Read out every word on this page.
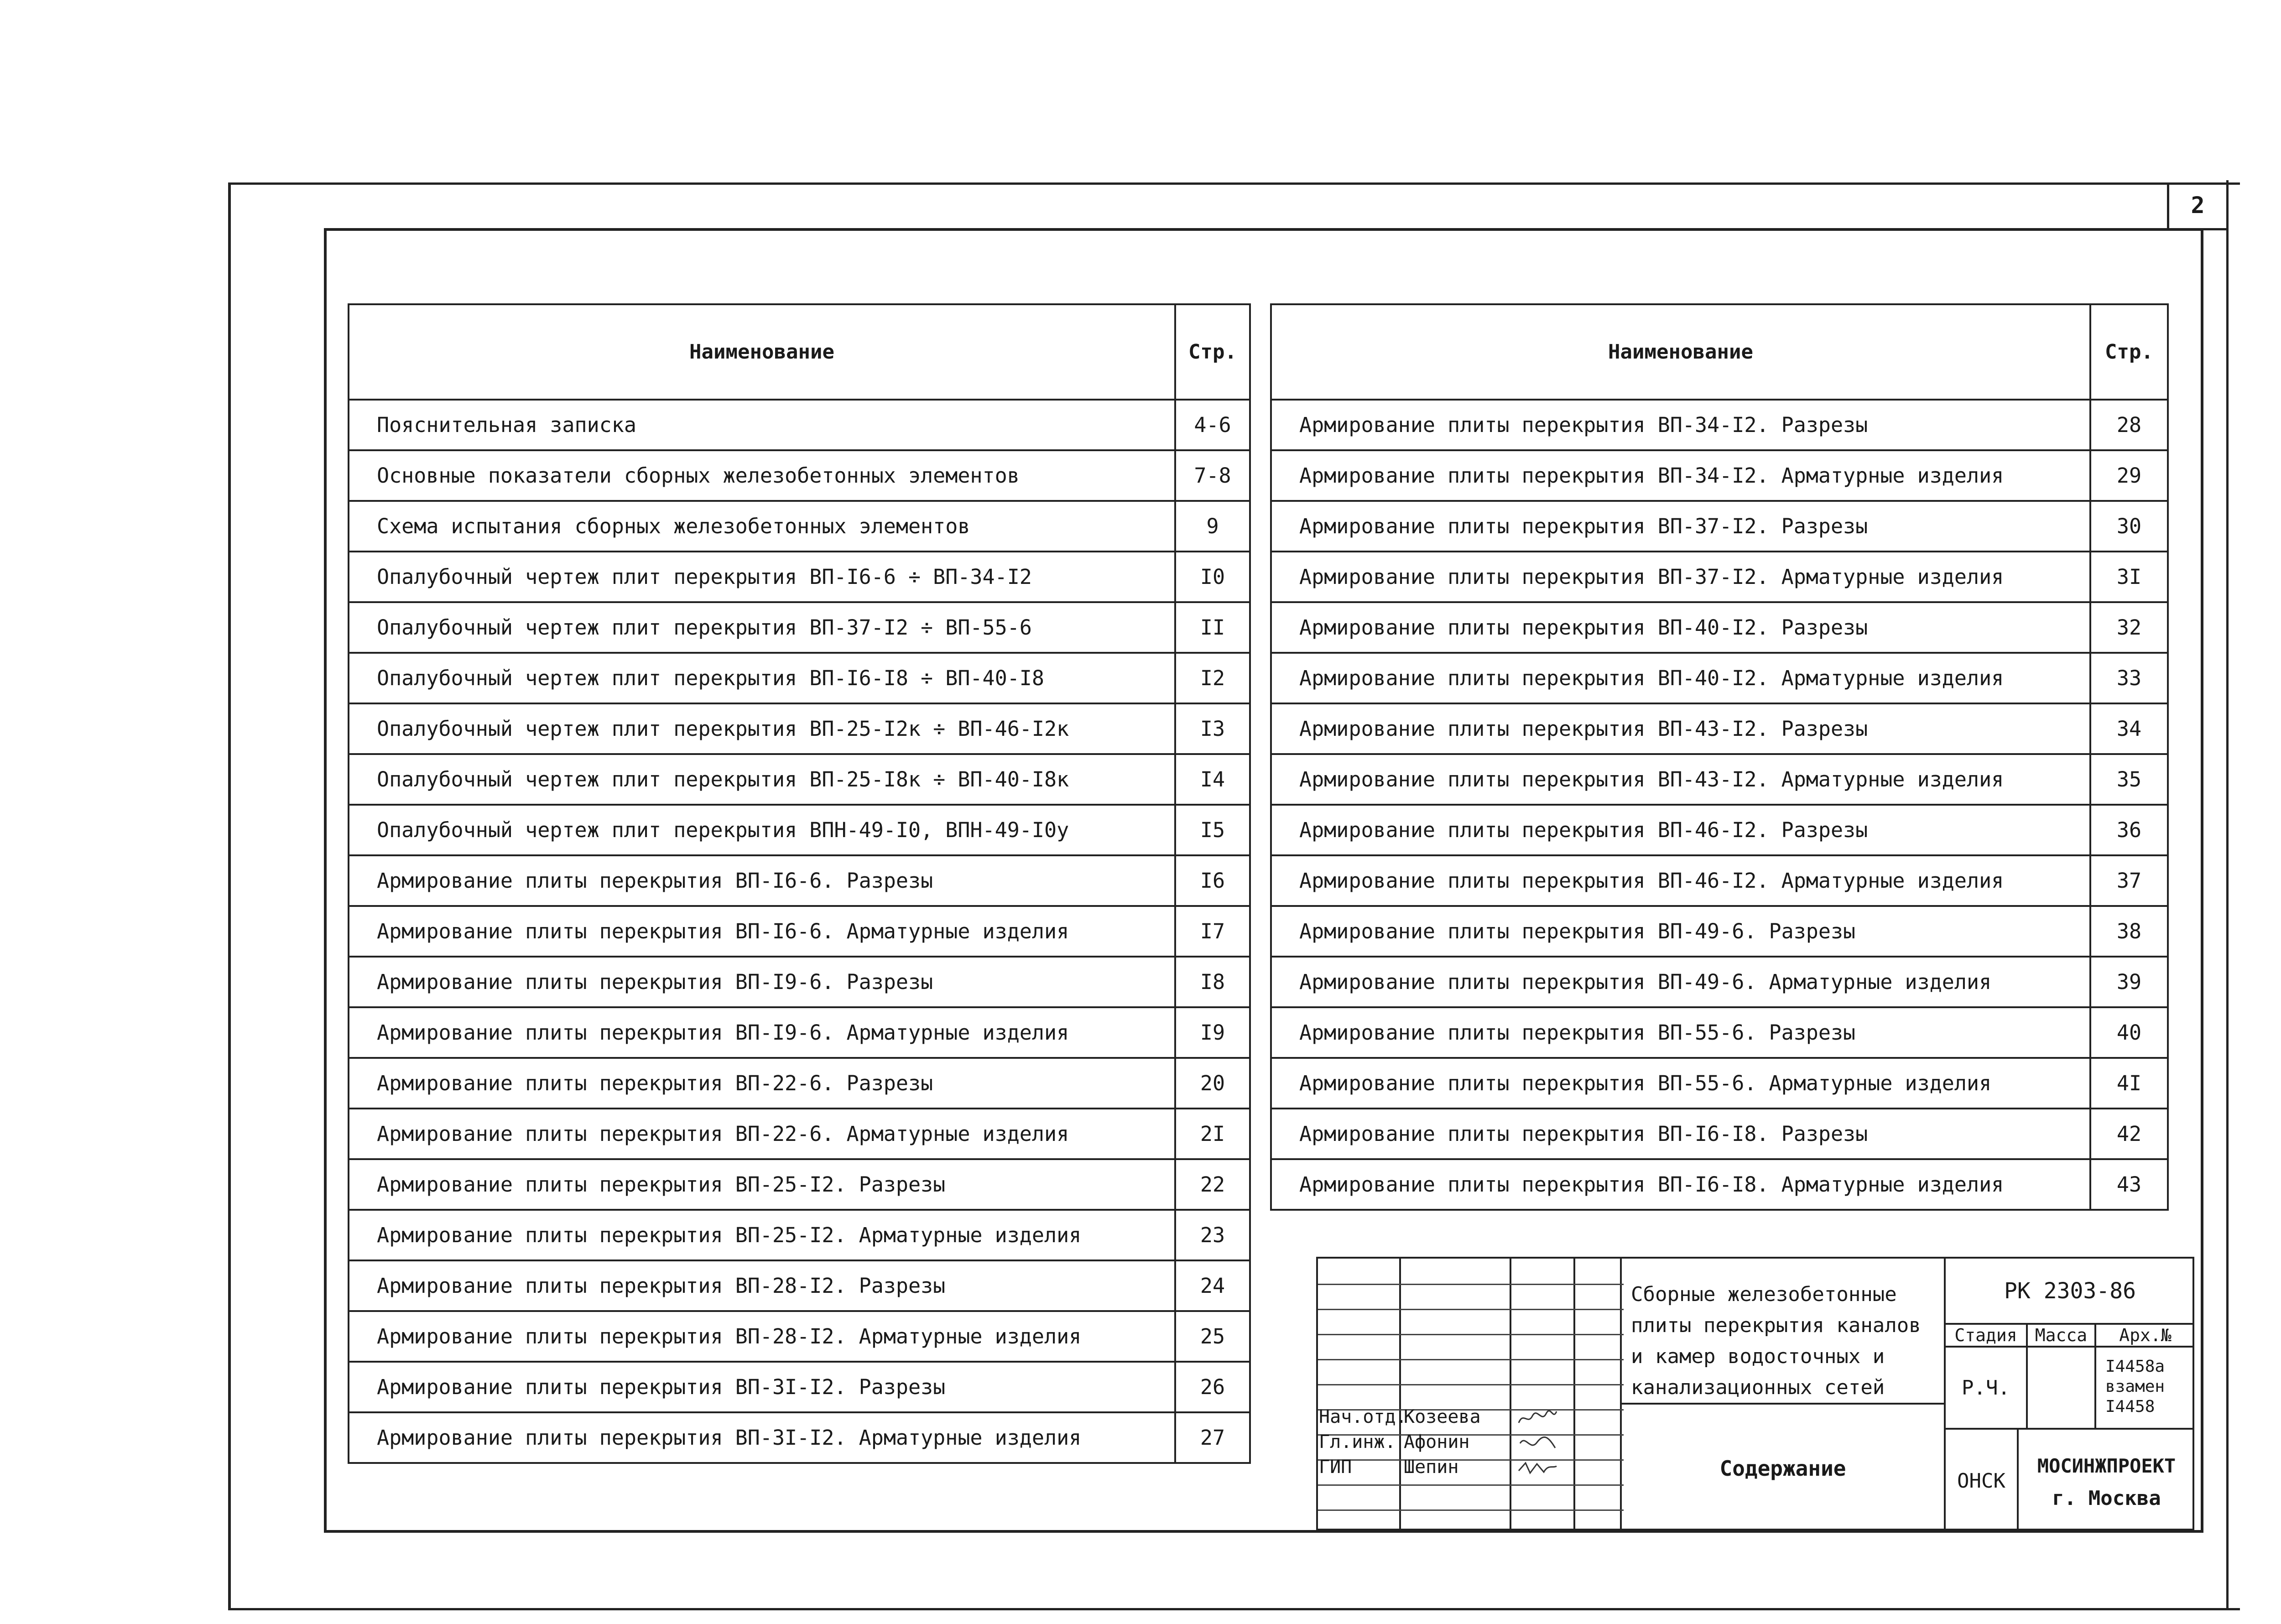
2
Наименование	Стр.
Пояснительная записка	4-6
Основные показатели сборных железобетонных элементов	7-8
Схема испытания сборных железобетонных элементов	9
Опалубочный чертеж плит перекрытия ВП-I6-6 ÷ ВП-34-I2	I0
Опалубочный чертеж плит перекрытия ВП-37-I2 ÷ ВП-55-6	II
Опалубочный чертеж плит перекрытия ВП-I6-I8 ÷ ВП-40-I8	I2
Опалубочный чертеж плит перекрытия ВП-25-I2к ÷ ВП-46-I2к	I3
Опалубочный чертеж плит перекрытия ВП-25-I8к ÷ ВП-40-I8к	I4
Опалубочный чертеж плит перекрытия ВПН-49-I0, ВПН-49-I0у	I5
Армирование плиты перекрытия ВП-I6-6. Разрезы	I6
Армирование плиты перекрытия ВП-I6-6. Арматурные изделия	I7
Армирование плиты перекрытия ВП-I9-6. Разрезы	I8
Армирование плиты перекрытия ВП-I9-6. Арматурные изделия	I9
Армирование плиты перекрытия ВП-22-6. Разрезы	20
Армирование плиты перекрытия ВП-22-6. Арматурные изделия	2I
Армирование плиты перекрытия ВП-25-I2. Разрезы	22
Армирование плиты перекрытия ВП-25-I2. Арматурные изделия	23
Армирование плиты перекрытия ВП-28-I2. Разрезы	24
Армирование плиты перекрытия ВП-28-I2. Арматурные изделия	25
Армирование плиты перекрытия ВП-3I-I2. Разрезы	26
Армирование плиты перекрытия ВП-3I-I2. Арматурные изделия	27
Наименование	Стр.
Армирование плиты перекрытия ВП-34-I2. Разрезы	28
Армирование плиты перекрытия ВП-34-I2. Арматурные изделия	29
Армирование плиты перекрытия ВП-37-I2. Разрезы	30
Армирование плиты перекрытия ВП-37-I2. Арматурные изделия	3I
Армирование плиты перекрытия ВП-40-I2. Разрезы	32
Армирование плиты перекрытия ВП-40-I2. Арматурные изделия	33
Армирование плиты перекрытия ВП-43-I2. Разрезы	34
Армирование плиты перекрытия ВП-43-I2. Арматурные изделия	35
Армирование плиты перекрытия ВП-46-I2. Разрезы	36
Армирование плиты перекрытия ВП-46-I2. Арматурные изделия	37
Армирование плиты перекрытия ВП-49-6. Разрезы	38
Армирование плиты перекрытия ВП-49-6. Арматурные изделия	39
Армирование плиты перекрытия ВП-55-6. Разрезы	40
Армирование плиты перекрытия ВП-55-6. Арматурные изделия	4I
Армирование плиты перекрытия ВП-I6-I8. Разрезы	42
Армирование плиты перекрытия ВП-I6-I8. Арматурные изделия	43
Нач.отд.
Козеева
Гл.инж. Афонин
ГИП	Шепин
Сборные железобетонные плиты перекрытия каналов и камер водосточных и канализационных сетей
Содержание
РК 2303-86
Стадия	Масса	Арх.№
Р.Ч.
I4458а взамен I4458
ОНСК
МОСИНЖПРОЕКТ
г. Москва
